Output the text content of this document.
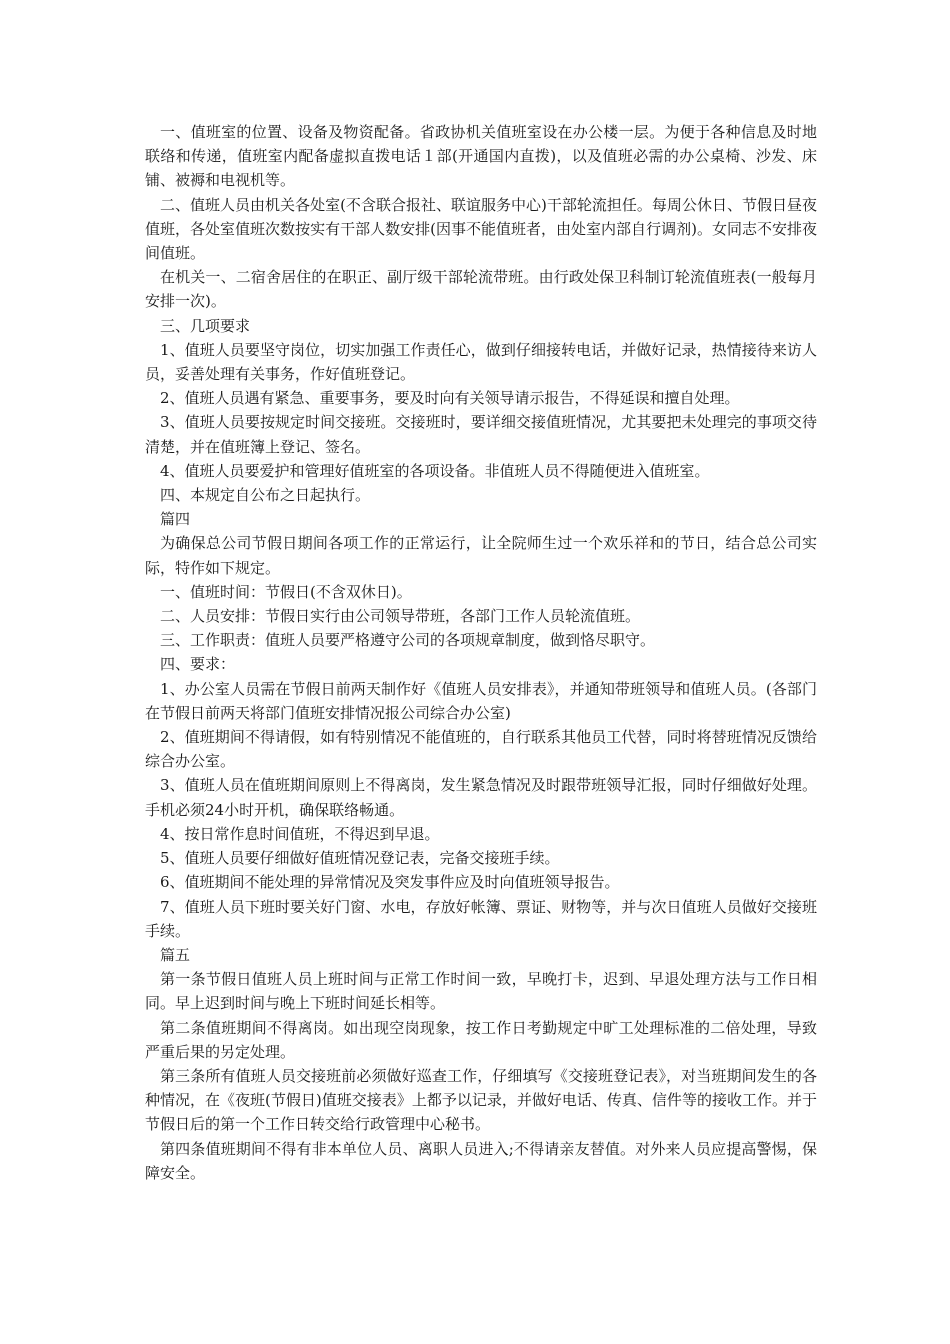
一、值班室的位置、设备及物资配备。省政协机关值班室设在办公楼一层。为便于各种信息及时地联络和传递，值班室内配备虚拟直拨电话１部(开通国内直拨)，以及值班必需的办公桌椅、沙发、床铺、被褥和电视机等。

二、值班人员由机关各处室(不含联合报社、联谊服务中心)干部轮流担任。每周公休日、节假日昼夜值班，各处室值班次数按实有干部人数安排(因事不能值班者，由处室内部自行调剂)。女同志不安排夜间值班。

在机关一、二宿舍居住的在职正、副厅级干部轮流带班。由行政处保卫科制订轮流值班表(一般每月安排一次)。

三、几项要求

1、值班人员要坚守岗位，切实加强工作责任心，做到仔细接转电话，并做好记录，热情接待来访人员，妥善处理有关事务，作好值班登记。

2、值班人员遇有紧急、重要事务，要及时向有关领导请示报告，不得延误和擅自处理。

3、值班人员要按规定时间交接班。交接班时，要详细交接值班情况，尤其要把未处理完的事项交待清楚，并在值班簿上登记、签名。

4、值班人员要爱护和管理好值班室的各项设备。非值班人员不得随便进入值班室。

四、本规定自公布之日起执行。

篇四

为确保总公司节假日期间各项工作的正常运行，让全院师生过一个欢乐祥和的节日，结合总公司实际，特作如下规定。

一、值班时间：节假日(不含双休日)。

二、人员安排：节假日实行由公司领导带班，各部门工作人员轮流值班。

三、工作职责：值班人员要严格遵守公司的各项规章制度，做到恪尽职守。

四、要求：

1、办公室人员需在节假日前两天制作好《值班人员安排表》，并通知带班领导和值班人员。(各部门在节假日前两天将部门值班安排情况报公司综合办公室)

2、值班期间不得请假，如有特别情况不能值班的，自行联系其他员工代替，同时将替班情况反馈给综合办公室。

3、值班人员在值班期间原则上不得离岗，发生紧急情况及时跟带班领导汇报，同时仔细做好处理。手机必须24小时开机，确保联络畅通。

4、按日常作息时间值班，不得迟到早退。

5、值班人员要仔细做好值班情况登记表，完备交接班手续。

6、值班期间不能处理的异常情况及突发事件应及时向值班领导报告。

7、值班人员下班时要关好门窗、水电，存放好帐簿、票证、财物等，并与次日值班人员做好交接班手续。

篇五

第一条节假日值班人员上班时间与正常工作时间一致，早晚打卡，迟到、早退处理方法与工作日相同。早上迟到时间与晚上下班时间延长相等。

第二条值班期间不得离岗。如出现空岗现象，按工作日考勤规定中旷工处理标准的二倍处理，导致严重后果的另定处理。

第三条所有值班人员交接班前必须做好巡查工作，仔细填写《交接班登记表》，对当班期间发生的各种情况，在《夜班(节假日)值班交接表》上都予以记录，并做好电话、传真、信件等的接收工作。并于节假日后的第一个工作日转交给行政管理中心秘书。

第四条值班期间不得有非本单位人员、离职人员进入;不得请亲友替值。对外来人员应提高警惕，保障安全。
